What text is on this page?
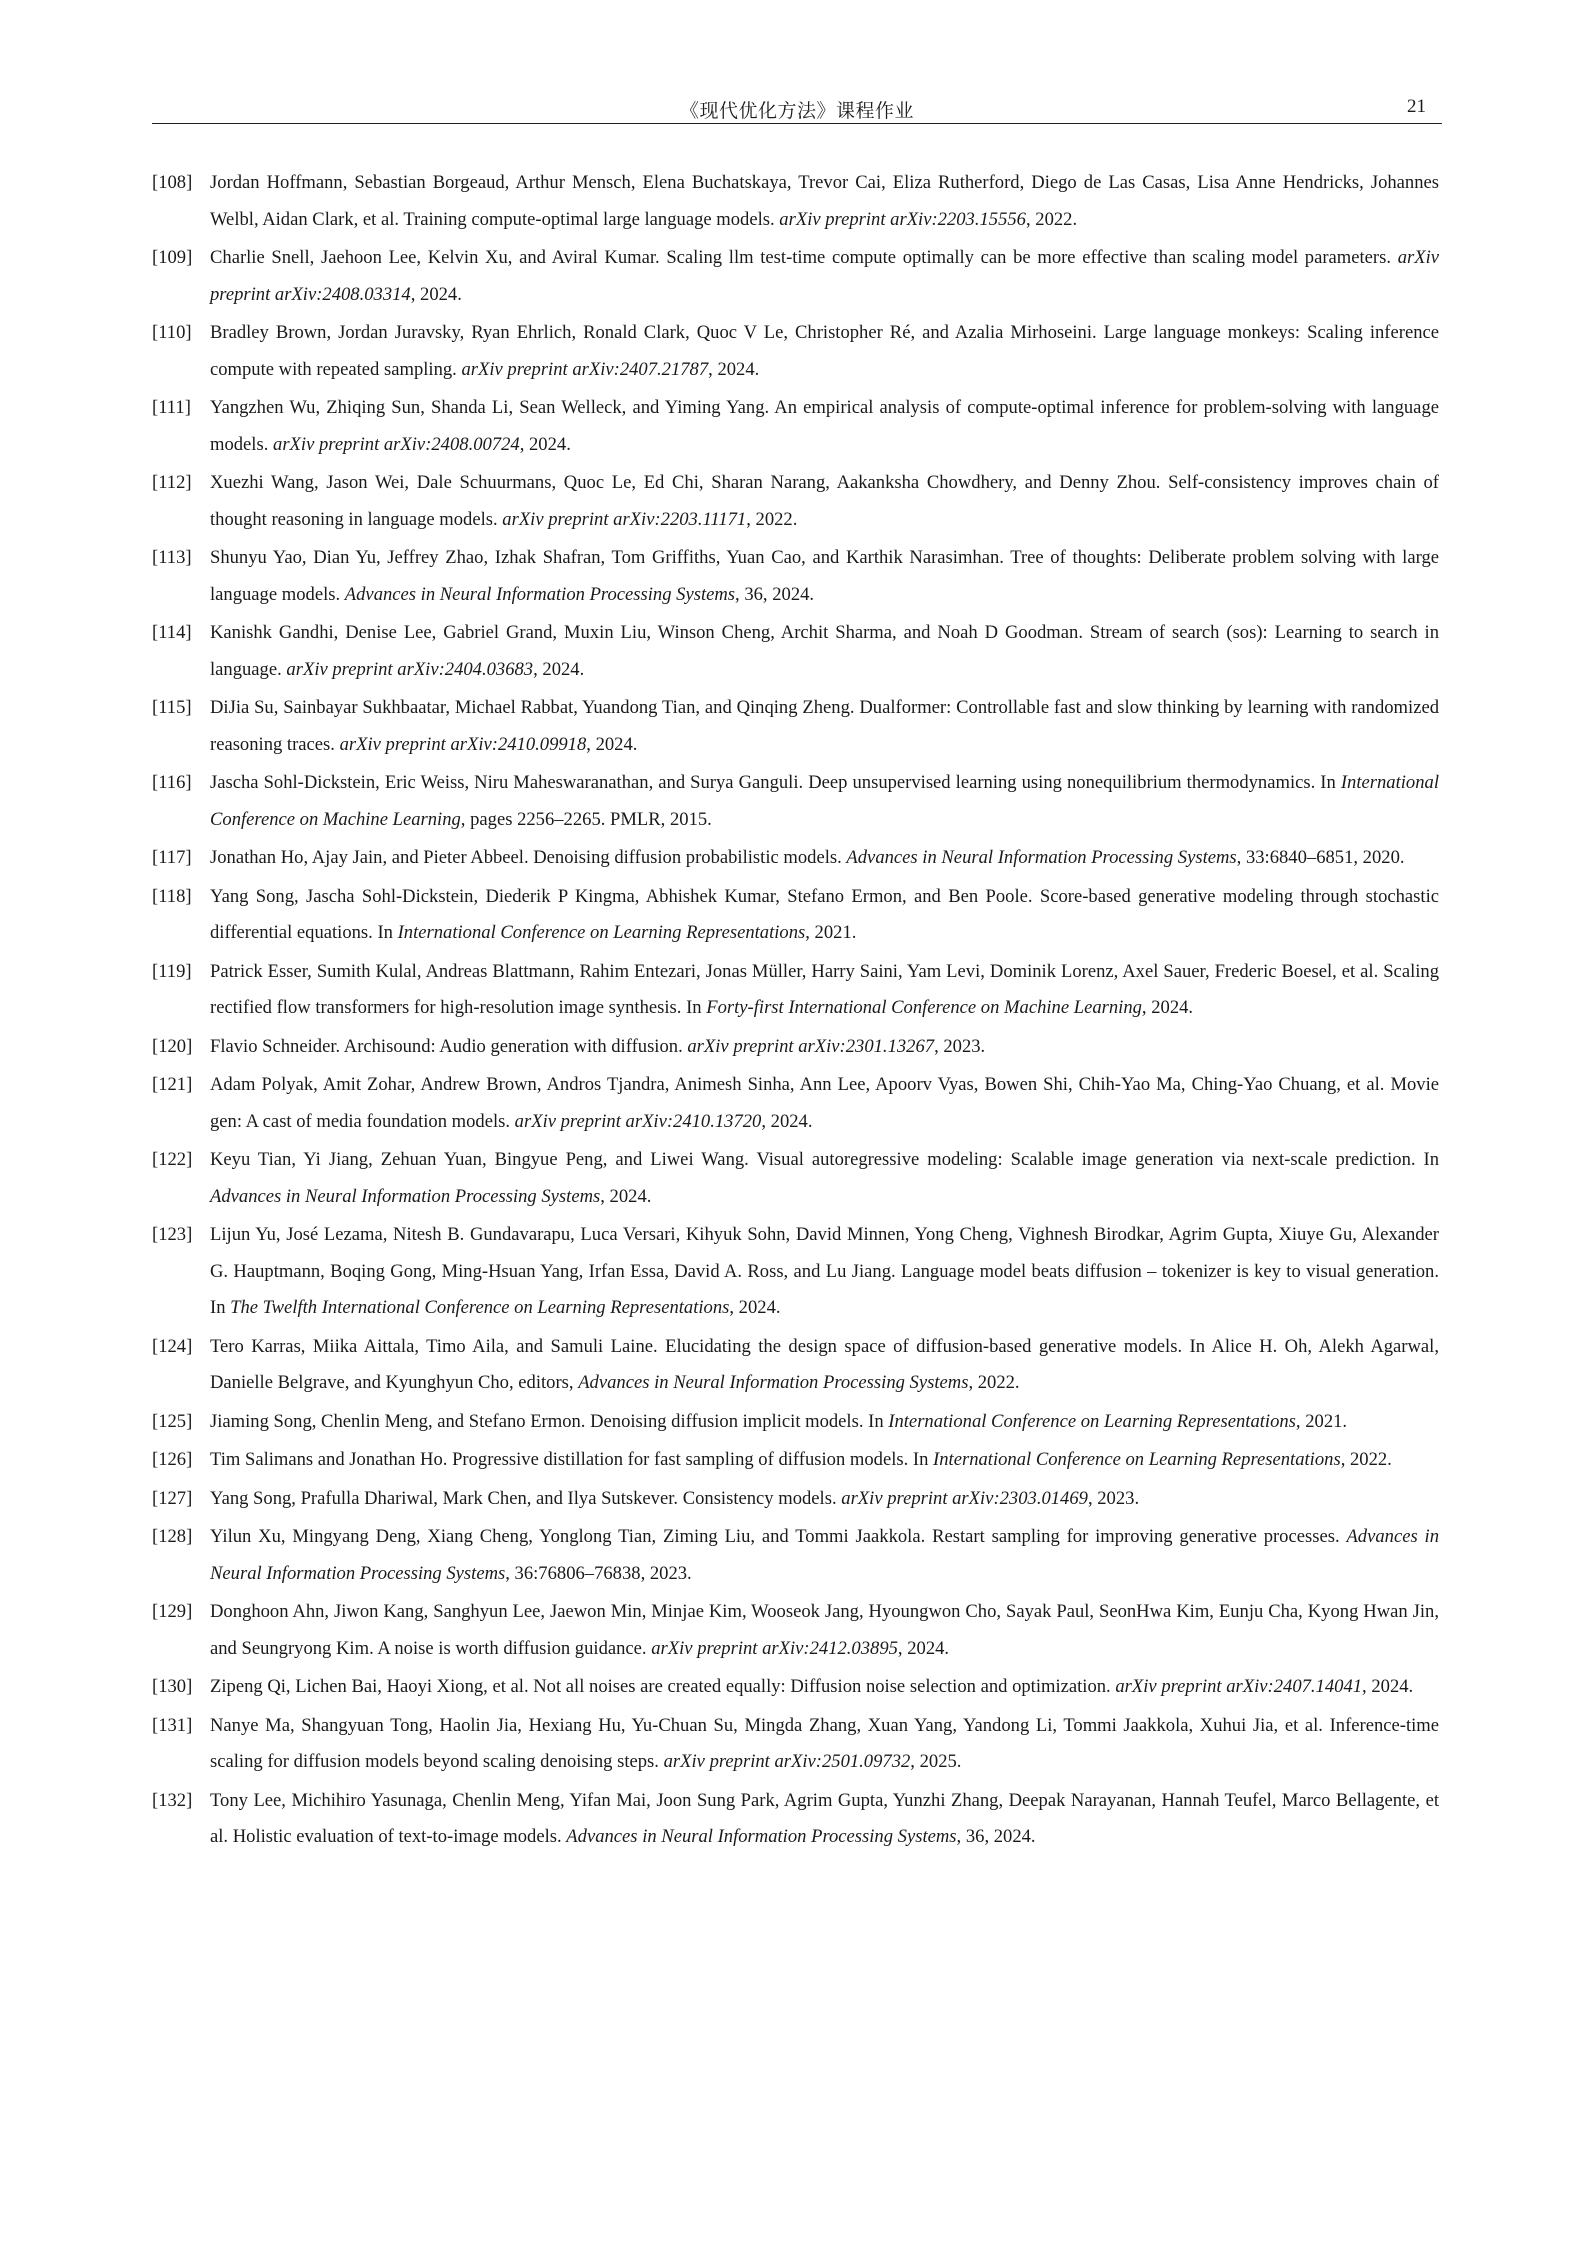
《现代优化方法》课程作业	21
[108] Jordan Hoffmann, Sebastian Borgeaud, Arthur Mensch, Elena Buchatskaya, Trevor Cai, Eliza Rutherford, Diego de Las Casas, Lisa Anne Hendricks, Johannes Welbl, Aidan Clark, et al. Training compute-optimal large language models. arXiv preprint arXiv:2203.15556, 2022.
[109] Charlie Snell, Jaehoon Lee, Kelvin Xu, and Aviral Kumar. Scaling llm test-time compute optimally can be more effective than scaling model parameters. arXiv preprint arXiv:2408.03314, 2024.
[110] Bradley Brown, Jordan Juravsky, Ryan Ehrlich, Ronald Clark, Quoc V Le, Christopher Ré, and Azalia Mirhoseini. Large language monkeys: Scaling inference compute with repeated sampling. arXiv preprint arXiv:2407.21787, 2024.
[111]	Yangzhen Wu, Zhiqing Sun, Shanda Li, Sean Welleck, and Yiming Yang. An empirical analysis of compute-optimal inference for problem-solving with language models. arXiv preprint arXiv:2408.00724, 2024.
[112] Xuezhi Wang, Jason Wei, Dale Schuurmans, Quoc Le, Ed Chi, Sharan Narang, Aakanksha Chowdhery, and Denny Zhou. Self-consistency improves chain of thought reasoning in language models. arXiv preprint arXiv:2203.11171, 2022.
[113] Shunyu Yao, Dian Yu, Jeffrey Zhao, Izhak Shafran, Tom Griffiths, Yuan Cao, and Karthik Narasimhan. Tree of thoughts: Deliberate problem solving with large language models. Advances in Neural Information Processing Systems, 36, 2024.
[114] Kanishk Gandhi, Denise Lee, Gabriel Grand, Muxin Liu, Winson Cheng, Archit Sharma, and Noah D Goodman. Stream of search (sos): Learning to search in language. arXiv preprint arXiv:2404.03683, 2024.
[115] DiJia Su, Sainbayar Sukhbaatar, Michael Rabbat, Yuandong Tian, and Qinqing Zheng. Dualformer: Controllable fast and slow thinking by learning with randomized reasoning traces. arXiv preprint arXiv:2410.09918, 2024.
[116] Jascha Sohl-Dickstein, Eric Weiss, Niru Maheswaranathan, and Surya Ganguli. Deep unsupervised learning using nonequilibrium thermodynamics. In International Conference on Machine Learning, pages 2256–2265. PMLR, 2015.
[117] Jonathan Ho, Ajay Jain, and Pieter Abbeel. Denoising diffusion probabilistic models. Advances in Neural Information Processing Systems, 33:6840–6851, 2020.
[118] Yang Song, Jascha Sohl-Dickstein, Diederik P Kingma, Abhishek Kumar, Stefano Ermon, and Ben Poole. Score-based generative modeling through stochastic differential equations. In International Conference on Learning Representations, 2021.
[119] Patrick Esser, Sumith Kulal, Andreas Blattmann, Rahim Entezari, Jonas Müller, Harry Saini, Yam Levi, Dominik Lorenz, Axel Sauer, Frederic Boesel, et al. Scaling rectified flow transformers for high-resolution image synthesis. In Forty-first International Conference on Machine Learning, 2024.
[120] Flavio Schneider. Archisound: Audio generation with diffusion. arXiv preprint arXiv:2301.13267, 2023.
[121] Adam Polyak, Amit Zohar, Andrew Brown, Andros Tjandra, Animesh Sinha, Ann Lee, Apoorv Vyas, Bowen Shi, Chih-Yao Ma, Ching-Yao Chuang, et al. Movie gen: A cast of media foundation models. arXiv preprint arXiv:2410.13720, 2024.
[122] Keyu Tian, Yi Jiang, Zehuan Yuan, Bingyue Peng, and Liwei Wang. Visual autoregressive modeling: Scalable image generation via next-scale prediction. In Advances in Neural Information Processing Systems, 2024.
[123] Lijun Yu, José Lezama, Nitesh B. Gundavarapu, Luca Versari, Kihyuk Sohn, David Minnen, Yong Cheng, Vighnesh Birodkar, Agrim Gupta, Xiuye Gu, Alexander G. Hauptmann, Boqing Gong, Ming-Hsuan Yang, Irfan Essa, David A. Ross, and Lu Jiang. Language model beats diffusion – tokenizer is key to visual generation. In The Twelfth International Conference on Learning Representations, 2024.
[124] Tero Karras, Miika Aittala, Timo Aila, and Samuli Laine. Elucidating the design space of diffusion-based generative models. In Alice H. Oh, Alekh Agarwal, Danielle Belgrave, and Kyunghyun Cho, editors, Advances in Neural Information Processing Systems, 2022.
[125] Jiaming Song, Chenlin Meng, and Stefano Ermon. Denoising diffusion implicit models. In International Conference on Learning Representations, 2021.
[126] Tim Salimans and Jonathan Ho. Progressive distillation for fast sampling of diffusion models. In International Conference on Learning Representations, 2022.
[127] Yang Song, Prafulla Dhariwal, Mark Chen, and Ilya Sutskever. Consistency models. arXiv preprint arXiv:2303.01469, 2023.
[128] Yilun Xu, Mingyang Deng, Xiang Cheng, Yonglong Tian, Ziming Liu, and Tommi Jaakkola. Restart sampling for improving generative processes. Advances in Neural Information Processing Systems, 36:76806–76838, 2023.
[129] Donghoon Ahn, Jiwon Kang, Sanghyun Lee, Jaewon Min, Minjae Kim, Wooseok Jang, Hyoungwon Cho, Sayak Paul, SeonHwa Kim, Eunju Cha, Kyong Hwan Jin, and Seungryong Kim. A noise is worth diffusion guidance. arXiv preprint arXiv:2412.03895, 2024.
[130] Zipeng Qi, Lichen Bai, Haoyi Xiong, et al. Not all noises are created equally: Diffusion noise selection and optimization. arXiv preprint arXiv:2407.14041, 2024.
[131] Nanye Ma, Shangyuan Tong, Haolin Jia, Hexiang Hu, Yu-Chuan Su, Mingda Zhang, Xuan Yang, Yandong Li, Tommi Jaakkola, Xuhui Jia, et al. Inference-time scaling for diffusion models beyond scaling denoising steps. arXiv preprint arXiv:2501.09732, 2025.
[132] Tony Lee, Michihiro Yasunaga, Chenlin Meng, Yifan Mai, Joon Sung Park, Agrim Gupta, Yunzhi Zhang, Deepak Narayanan, Hannah Teufel, Marco Bellagente, et al. Holistic evaluation of text-to-image models. Advances in Neural Information Processing Systems, 36, 2024.
